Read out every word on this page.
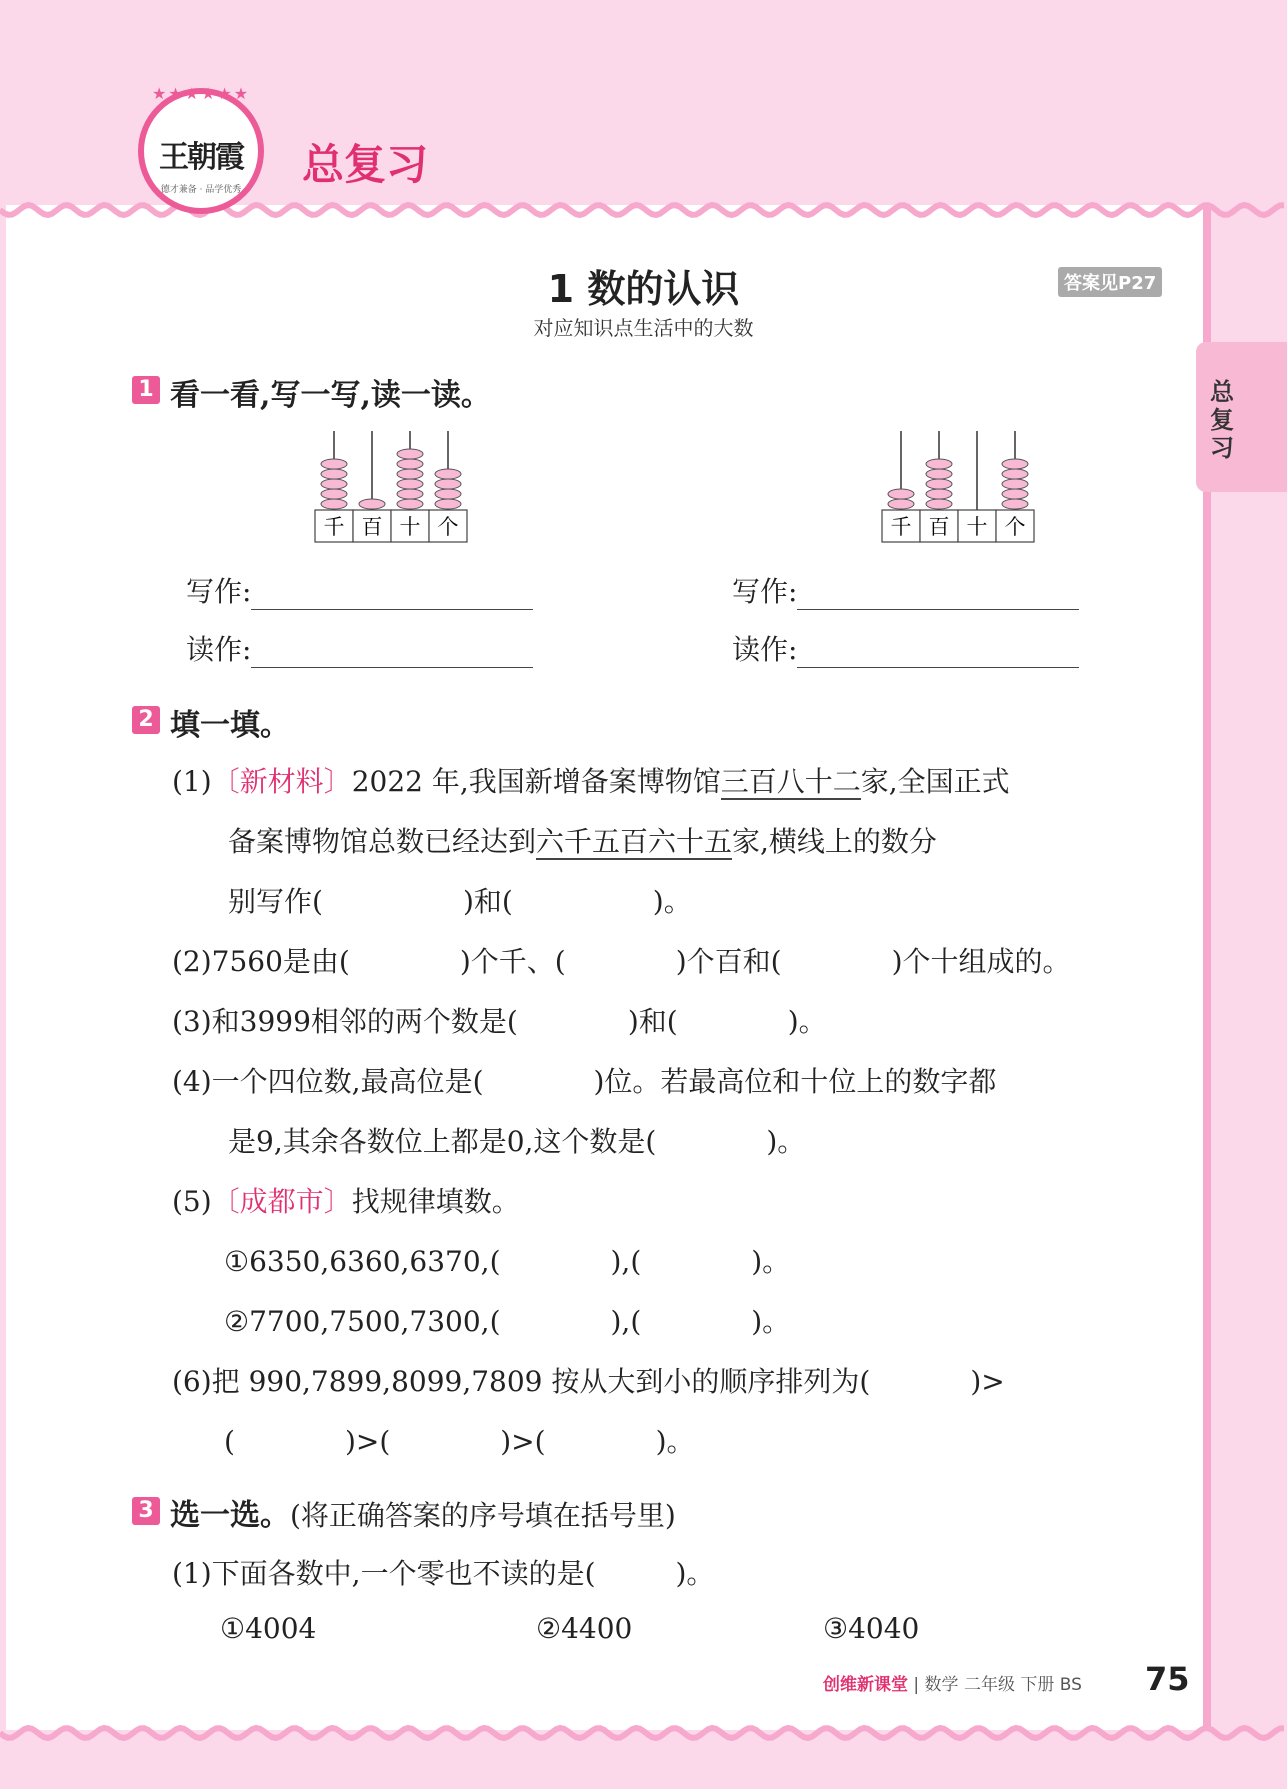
王朝霞
德才兼备 · 品学优秀
★★★★★★
总复习
总复习
1 数的认识
对应知识点生活中的大数
答案见P27
1 看一看,写一写,读一读。
千 百 十 个	千 百 十 个
写作:
读作:
写作:
读作:
2 填一填。
(1)〔新材料〕2022 年,我国新增备案博物馆三百八十二家,全国正式
备案博物馆总数已经达到六千五百六十五家,横线上的数分
别写作(	)和(	)。
(2)7560是由(	)个千、(	)个百和(	)个十组成的。
(3)和3999相邻的两个数是(	)和(	)。
(4)一个四位数,最高位是(	)位。若最高位和十位上的数字都
是9,其余各数位上都是0,这个数是(	)。
(5)〔成都市〕找规律填数。
①6350,6360,6370,(	),(	)。
②7700,7500,7300,(	),(	)。
(6)把 990,7899,8099,7809 按从大到小的顺序排列为(	)>
(	)>(	)>(	)。
3 选一选。(将正确答案的序号填在括号里)
(1)下面各数中,一个零也不读的是(	)。
①4004	②4400	③4040
创维新课堂 | 数学 二年级 下册 BS 75
